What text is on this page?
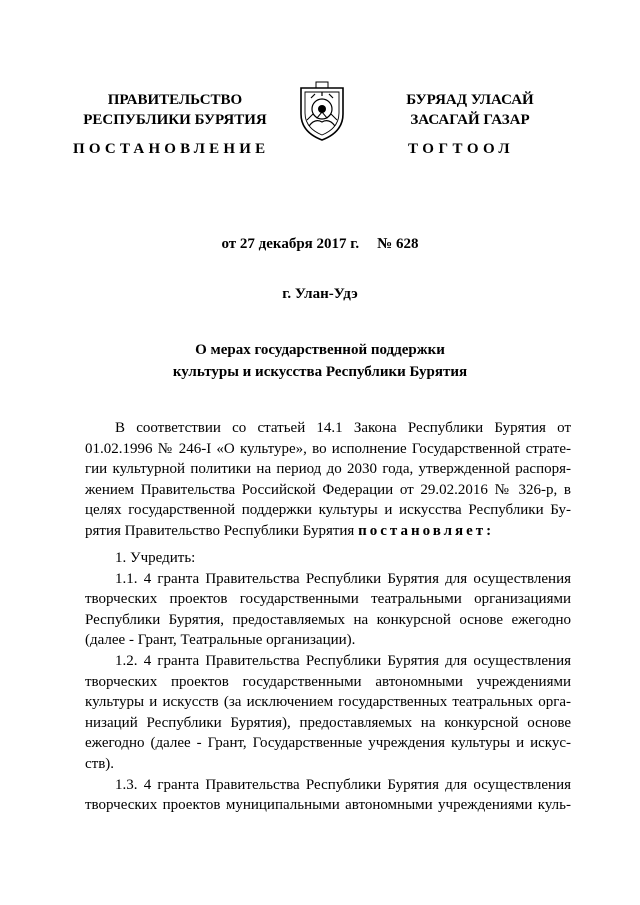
ПРАВИТЕЛЬСТВО
РЕСПУБЛИКИ БУРЯТИЯ
БУРЯАД УЛАСАЙ
ЗАСАГАЙ ГАЗАР
ПОСТАНОВЛЕНИЕ	ТОГТООЛ
от 27 декабря 2017 г. № 628
г. Улан-Удэ
О мерах государственной поддержки
культуры и искусства Республики Бурятия
В соответствии со статьей 14.1 Закона Республики Бурятия от
01.02.1996 № 246-I «О культуре», во исполнение Государственной страте-
гии культурной политики на период до 2030 года, утвержденной распоря-
жением Правительства Российской Федерации от 29.02.2016 № 326-р, в
целях государственной поддержки культуры и искусства Республики Бу-
рятия Правительство Республики Бурятия постановляет:
1. Учредить:
1.1. 4 гранта Правительства Республики Бурятия для осуществления
творческих проектов государственными театральными организациями
Республики Бурятия, предоставляемых на конкурсной основе ежегодно
(далее - Грант, Театральные организации).
1.2. 4 гранта Правительства Республики Бурятия для осуществления
творческих проектов государственными автономными учреждениями
культуры и искусств (за исключением государственных театральных орга-
низаций Республики Бурятия), предоставляемых на конкурсной основе
ежегодно (далее - Грант, Государственные учреждения культуры и искус-
ств).
1.3. 4 гранта Правительства Республики Бурятия для осуществления
творческих проектов муниципальными автономными учреждениями куль-
